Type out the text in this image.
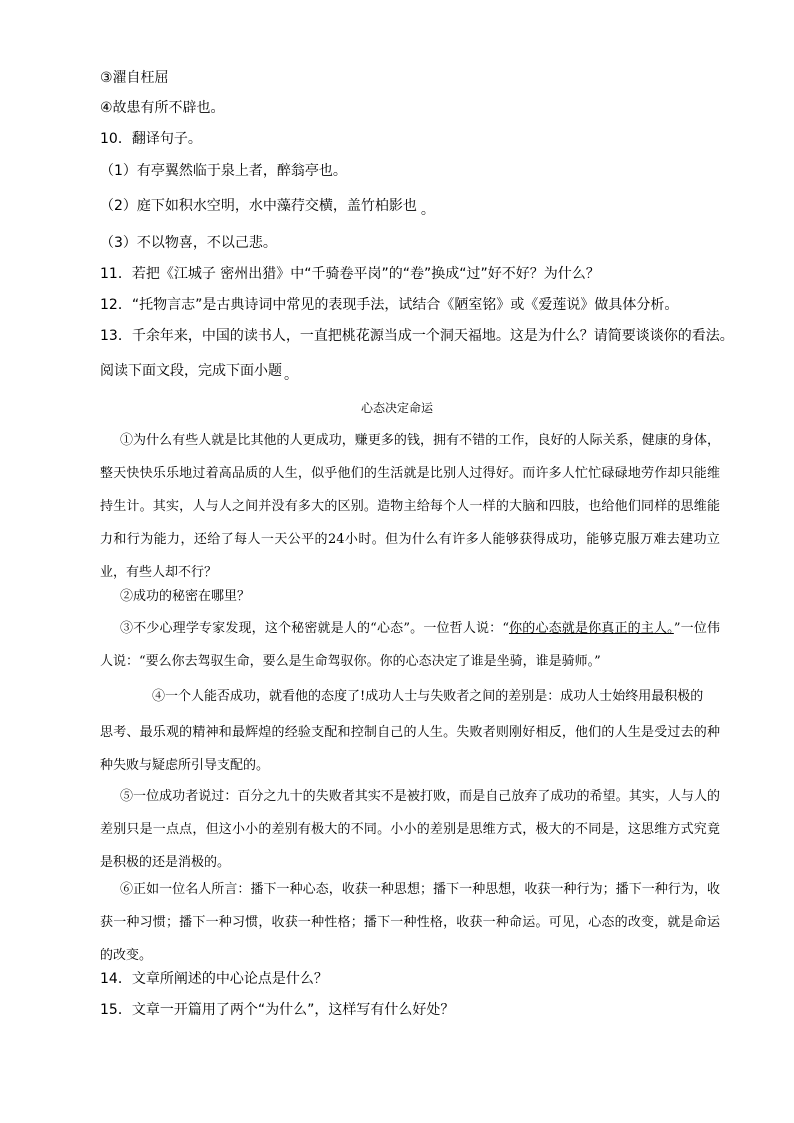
③濯自枉屈
④故患有所不辟也。
10．翻译句子。
（1）有亭翼然临于泉上者，醉翁亭也。
（2）庭下如积水空明，水中藻荇交横，盖竹柏影也 。
（3）不以物喜，不以己悲。
11．若把《江城子 密州出猎》中“千骑卷平岗”的“卷”换成“过”好不好？为什么？
12．“托物言志”是古典诗词中常见的表现手法，试结合《陋室铭》或《爱莲说》做具体分析。
13．千余年来，中国的读书人，一直把桃花源当成一个洞天福地。这是为什么？请简要谈谈你的看法。
阅读下面文段，完成下面小题 。
心态决定命运
①为什么有些人就是比其他的人更成功，赚更多的钱，拥有不错的工作，良好的人际关系，健康的身体，整天快快乐乐地过着高品质的人生，似乎他们的生活就是比别人过得好。而许多人忙忙碌碌地劳作却只能维持生计。其实，人与人之间并没有多大的区别。造物主给每个人一样的大脑和四肢，也给他们同样的思维能力和行为能力，还给了每人一天公平的24小时。但为什么有许多人能够获得成功，能够克服万难去建功立业，有些人却不行？
②成功的秘密在哪里？
③不少心理学专家发现，这个秘密就是人的“心态”。一位哲人说：“你的心态就是你真正的主人。”一位伟人说：“要么你去驾驭生命，要么是生命驾驭你。你的心态决定了谁是坐骑，谁是骑师。”
④一个人能否成功，就看他的态度了!成功人士与失败者之间的差别是：成功人士始终用最积极的
思考、最乐观的精神和最辉煌的经验支配和控制自己的人生。失败者则刚好相反，他们的人生是受过去的种种失败与疑虑所引导支配的。
⑤一位成功者说过：百分之九十的失败者其实不是被打败，而是自己放弃了成功的希望。其实，人与人的差别只是一点点，但这小小的差别有极大的不同。小小的差别是思维方式，极大的不同是，这思维方式究竟是积极的还是消极的。
⑥正如一位名人所言：播下一种心态，收获一种思想；播下一种思想，收获一种行为；播下一种行为，收获一种习惯；播下一种习惯，收获一种性格；播下一种性格，收获一种命运。可见，心态的改变，就是命运的改变。
14．文章所阐述的中心论点是什么？
15．文章一开篇用了两个“为什么”，这样写有什么好处？
